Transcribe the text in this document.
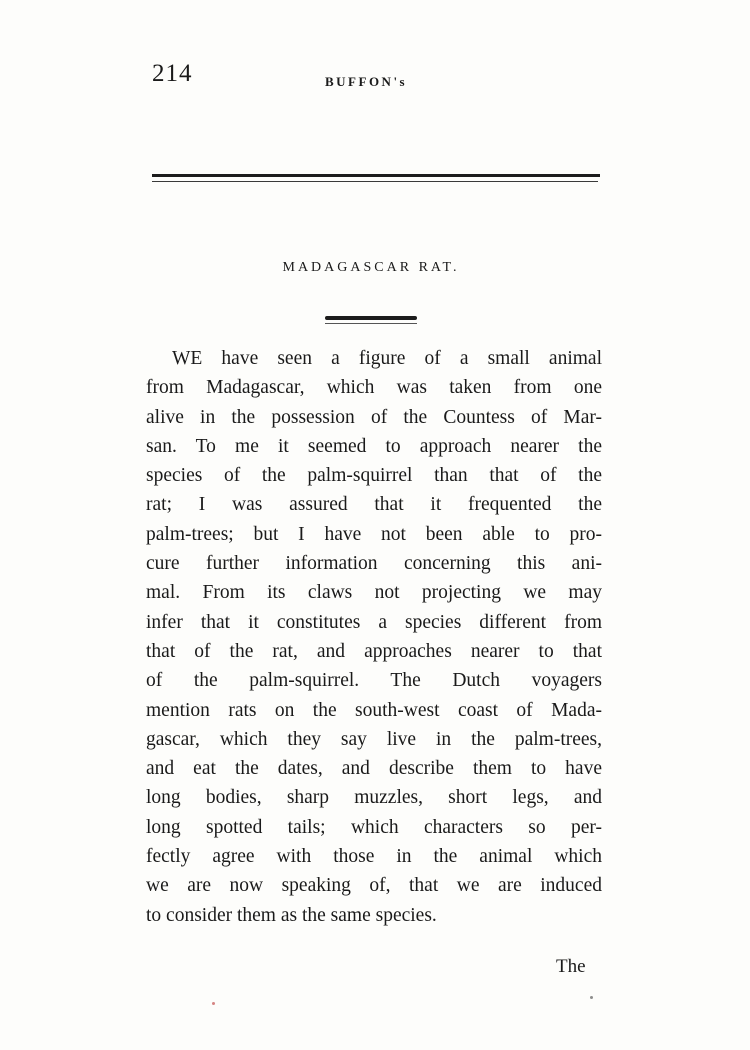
214	BUFFON's
MADAGASCAR RAT.
WE have seen a figure of a small animal
from Madagascar, which was taken from one
alive in the possession of the Countess of Mar-
san. To me it seemed to approach nearer the
species of the palm-squirrel than that of the
rat; I was assured that it frequented the
palm-trees; but I have not been able to pro-
cure further information concerning this ani-
mal. From its claws not projecting we may
infer that it constitutes a species different from
that of the rat, and approaches nearer to that
of the palm-squirrel. The Dutch voyagers
mention rats on the south-west coast of Mada-
gascar, which they say live in the palm-trees,
and eat the dates, and describe them to have
long bodies, sharp muzzles, short legs, and
long spotted tails; which characters so per-
fectly agree with those in the animal which
we are now speaking of, that we are induced
to consider them as the same species.
The
